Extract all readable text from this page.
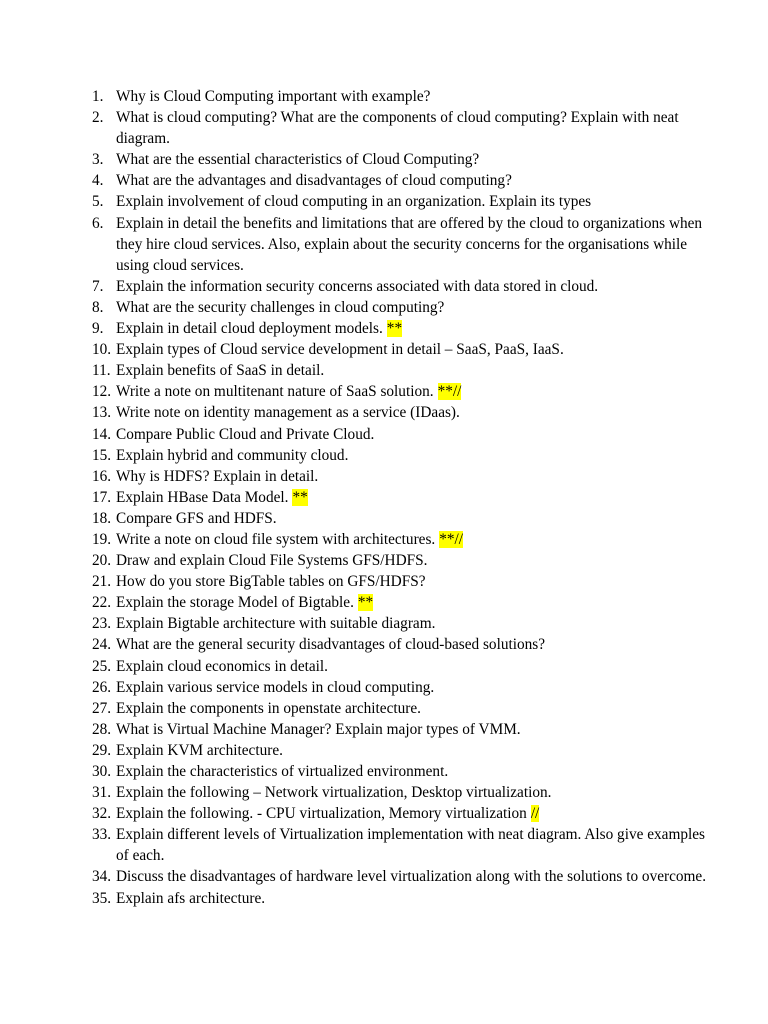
1. Why is Cloud Computing important with example?
2. What is cloud computing? What are the components of cloud computing? Explain with neat diagram.
3. What are the essential characteristics of Cloud Computing?
4. What are the advantages and disadvantages of cloud computing?
5. Explain involvement of cloud computing in an organization. Explain its types
6. Explain in detail the benefits and limitations that are offered by the cloud to organizations when they hire cloud services. Also, explain about the security concerns for the organisations while using cloud services.
7. Explain the information security concerns associated with data stored in cloud.
8. What are the security challenges in cloud computing?
9. Explain in detail cloud deployment models. **
10. Explain types of Cloud service development in detail – SaaS, PaaS, IaaS.
11. Explain benefits of SaaS in detail.
12. Write a note on multitenant nature of SaaS solution. **//
13. Write note on identity management as a service (IDaas).
14. Compare Public Cloud and Private Cloud.
15. Explain hybrid and community cloud.
16. Why is HDFS? Explain in detail.
17. Explain HBase Data Model. **
18. Compare GFS and HDFS.
19. Write a note on cloud file system with architectures. **//
20. Draw and explain Cloud File Systems GFS/HDFS.
21. How do you store BigTable tables on GFS/HDFS?
22. Explain the storage Model of Bigtable. **
23. Explain Bigtable architecture with suitable diagram.
24. What are the general security disadvantages of cloud-based solutions?
25. Explain cloud economics in detail.
26. Explain various service models in cloud computing.
27. Explain the components in openstate architecture.
28. What is Virtual Machine Manager? Explain major types of VMM.
29. Explain KVM architecture.
30. Explain the characteristics of virtualized environment.
31. Explain the following – Network virtualization, Desktop virtualization.
32. Explain the following. - CPU virtualization, Memory virtualization //
33. Explain different levels of Virtualization implementation with neat diagram. Also give examples of each.
34. Discuss the disadvantages of hardware level virtualization along with the solutions to overcome.
35. Explain afs architecture.
